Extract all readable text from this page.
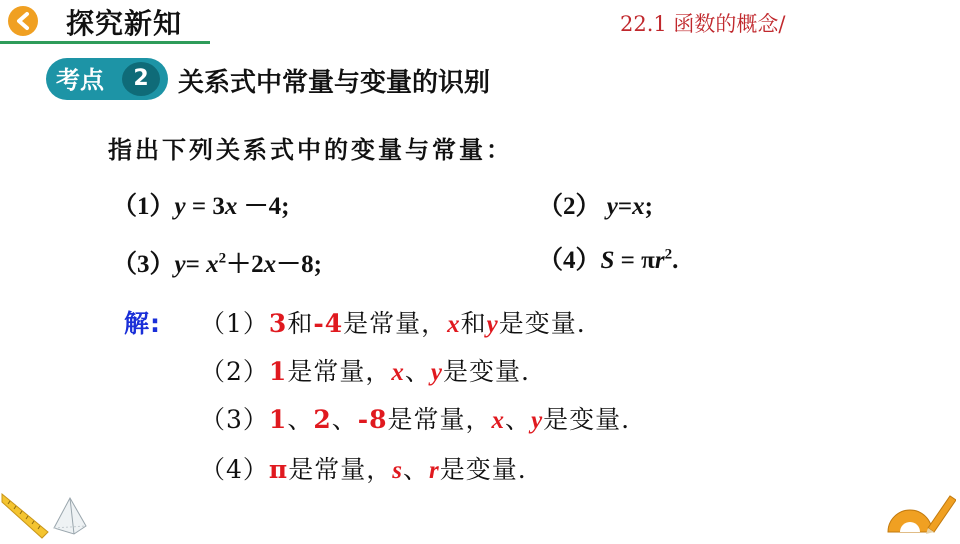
探究新知	22.1 函数的概念/
考点	2	关系式中常量与变量的识别
指出下列关系式中的变量与常量：
（1）y = 3x －4;	（2） y=x;
$(3)y= x^2+2x-8$;	$(4)S = \pi r^2$.
解: （1）3和-4是常量，x和y是变量.
（2）1是常量，x、y是变量.
（3）1、2、-8是常量，x、y是变量.
（4）π是常量，s、r是变量.
